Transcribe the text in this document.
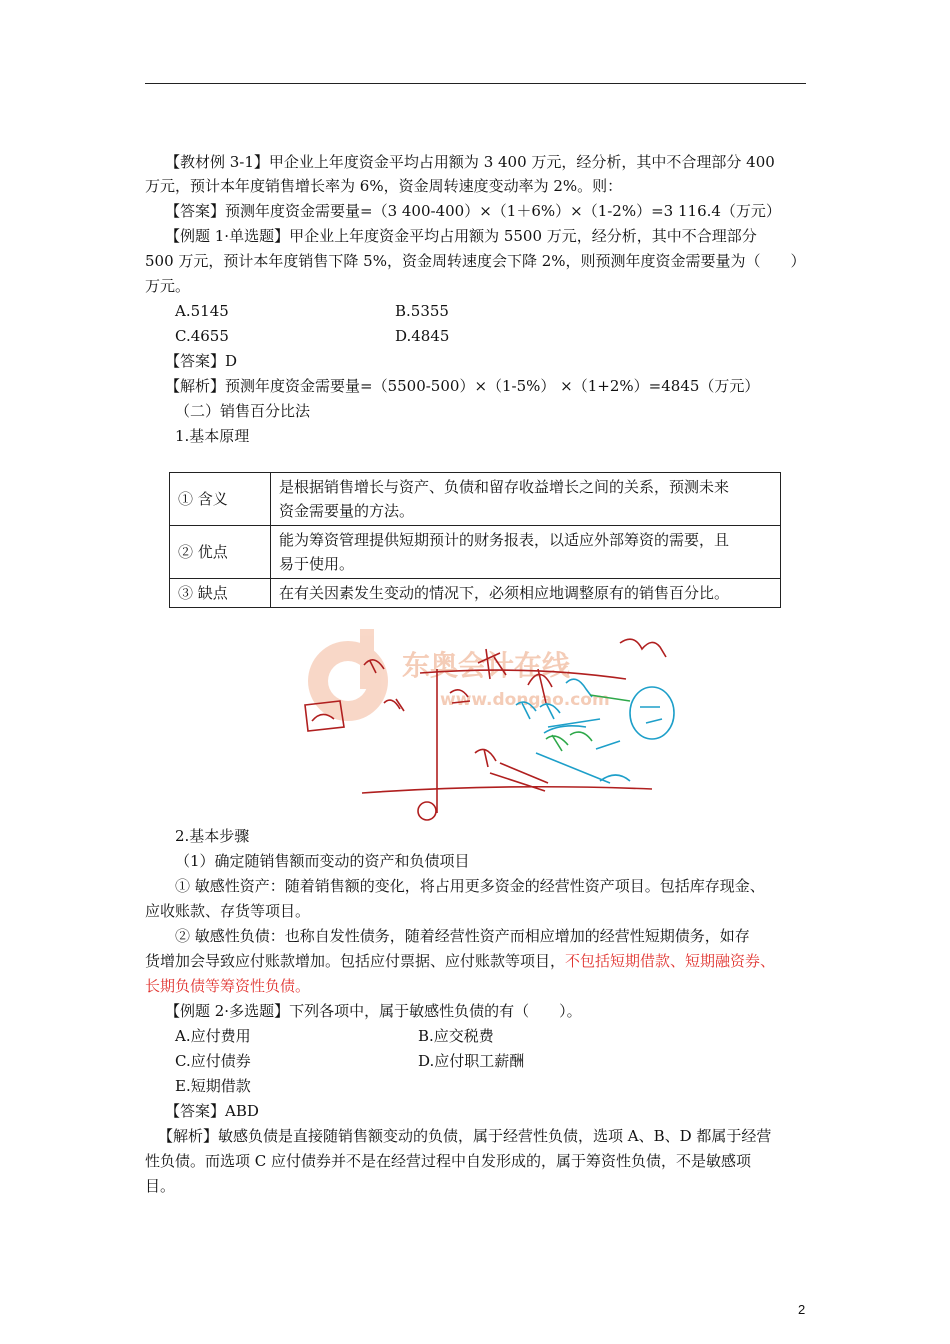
【教材例 3-1】甲企业上年度资金平均占用额为 3 400 万元，经分析，其中不合理部分 400
万元，预计本年度销售增长率为 6%，资金周转速度变动率为 2%。则：
【答案】预测年度资金需要量=（3 400-400）×（1＋6%）×（1-2%）=3 116.4（万元）
【例题 1·单选题】甲企业上年度资金平均占用额为 5500 万元，经分析，其中不合理部分
500 万元，预计本年度销售下降 5%，资金周转速度会下降 2%，则预测年度资金需要量为（　　）
万元。
A.5145	B.5355
C.4655	D.4845
【答案】D
【解析】预测年度资金需要量=（5500-500）×（1-5%） ×（1+2%）=4845（万元）
（二）销售百分比法
1.基本原理
① 含义	是根据销售增长与资产、负债和留存收益增长之间的关系，预测未来
资金需要量的方法。

② 优点	能为筹资管理提供短期预计的财务报表，以适应外部筹资的需要，且
易于使用。

③ 缺点	在有关因素发生变动的情况下，必须相应地调整原有的销售百分比。
东奥会计在线
www.dongao.com
2.基本步骤
（1）确定随销售额而变动的资产和负债项目
① 敏感性资产：随着销售额的变化，将占用更多资金的经营性资产项目。包括库存现金、
应收账款、存货等项目。
② 敏感性负债：也称自发性债务，随着经营性资产而相应增加的经营性短期债务，如存
货增加会导致应付账款增加。包括应付票据、应付账款等项目，不包括短期借款、短期融资券、
长期负债等筹资性负债。
【例题 2·多选题】下列各项中，属于敏感性负债的有（　　）。
A.应付费用	B.应交税费
C.应付债券	D.应付职工薪酬
E.短期借款
【答案】ABD
【解析】敏感负债是直接随销售额变动的负债，属于经营性负债，选项 A、B、D 都属于经营
性负债。而选项 C 应付债券并不是在经营过程中自发形成的，属于筹资性负债，不是敏感项
目。
2
